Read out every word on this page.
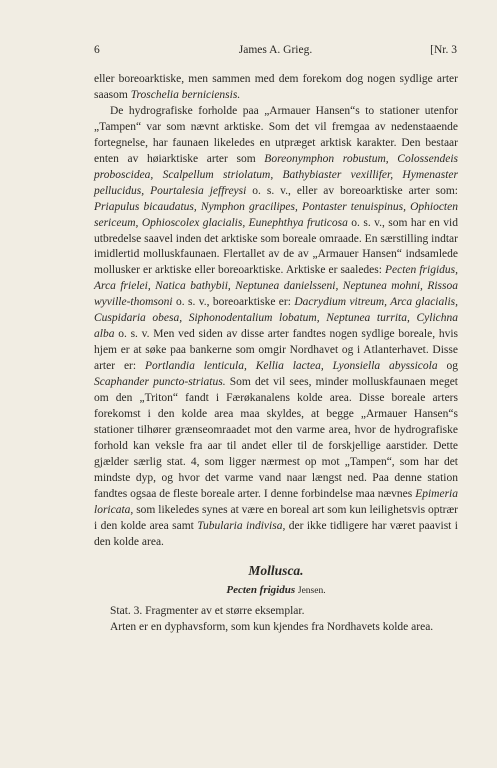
6	James A. Grieg.	[Nr. 3

eller boreoarktiske, men sammen med dem forekom dog nogen sydlige arter saasom Troschelia berniciensis.

De hydrografiske forholde paa „Armauer Hansen“s to stationer utenfor „Tampen“ var som nævnt arktiske. Som det vil fremgaa av nedenstaaende fortegnelse, har faunaen likeledes en utpræget arktisk karakter. Den bestaar enten av høiarktiske arter som Boreonymphon robustum, Colossendeis proboscidea, Scalpellum striolatum, Bathybiaster vexillifer, Hymenaster pellucidus, Pourtalesia jeffreysi o. s. v., eller av boreoarktiske arter som: Priapulus bicaudatus, Nymphon gracilipes, Pontaster tenuispinus, Ophiocten sericeum, Ophioscolex glacialis, Eunephthya fruticosa o. s. v., som har en vid utbredelse saavel inden det arktiske som boreale omraade. En særstilling indtar imidlertid molluskfaunaen. Flertallet av de av „Armauer Hansen“ indsamlede mollusker er arktiske eller boreoarktiske. Arktiske er saaledes: Pecten frigidus, Arca frielei, Natica bathybii, Neptunea danielsseni, Neptunea mohni, Rissoa wyville-thomsoni o. s. v., boreoarktiske er: Dacrydium vitreum, Arca glacialis, Cuspidaria obesa, Siphonodentalium lobatum, Neptunea turrita, Cylichna alba o. s. v. Men ved siden av disse arter fandtes nogen sydlige boreale, hvis hjem er at søke paa bankerne som omgir Nordhavet og i Atlanterhavet. Disse arter er: Portlandia lenticula, Kellia lactea, Lyonsiella abyssicola og Scaphander puncto-striatus. Som det vil sees, minder molluskfaunaen meget om den „Triton“ fandt i Færøkanalens kolde area. Disse boreale arters forekomst i den kolde area maa skyldes, at begge „Armauer Hansen“s stationer tilhører grænseomraadet mot den varme area, hvor de hydrografiske forhold kan veksle fra aar til andet eller til de forskjellige aarstider. Dette gjælder særlig stat. 4, som ligger nærmest op mot „Tampen“, som har det mindste dyp, og hvor det varme vand naar længst ned. Paa denne station fandtes ogsaa de fleste boreale arter. I denne forbindelse maa nævnes Epimeria loricata, som likeledes synes at være en boreal art som kun leilighetsvis optrær i den kolde area samt Tubularia indivisa, der ikke tidligere har været paavist i den kolde area.

Mollusca.
Pecten frigidus Jensen.

Stat. 3. Fragmenter av et større eksemplar.

Arten er en dyphavsform, som kun kjendes fra Nordhavets kolde area.
